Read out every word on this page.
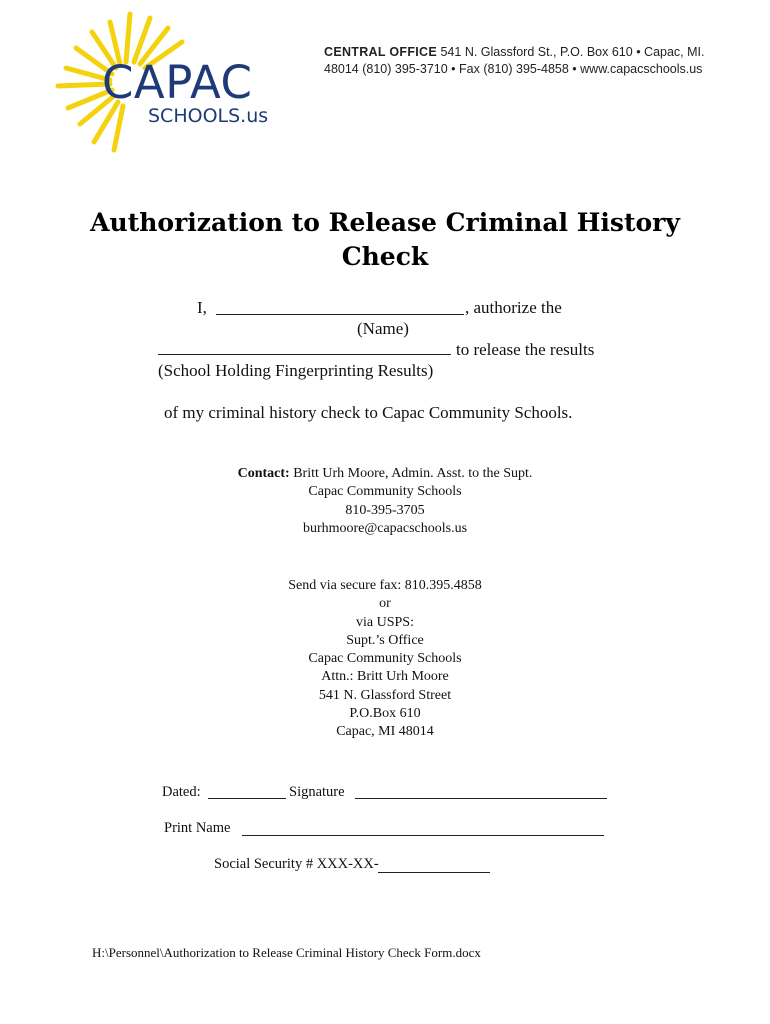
CAPAC
SCHOOLS.us
CENTRAL OFFICE 541 N. Glassford St., P.O. Box 610 • Capac, MI.
48014 (810) 395-3710 • Fax (810) 395-4858 • www.capacschools.us
Authorization to Release Criminal History
Check
I,	, authorize the
(Name)
to release the results
(School Holding Fingerprinting Results)
of my criminal history check to Capac Community Schools.
Contact: Britt Urh Moore, Admin. Asst. to the Supt.
Capac Community Schools
810-395-3705
burhmoore@capacschools.us
Send via secure fax: 810.395.4858
or
via USPS:
Supt.’s Office
Capac Community Schools
Attn.: Britt Urh Moore
541 N. Glassford Street
P.O.Box 610
Capac, MI 48014
Dated:	Signature
Print Name
Social Security # XXX-XX-
H:\Personnel\Authorization to Release Criminal History Check Form.docx
